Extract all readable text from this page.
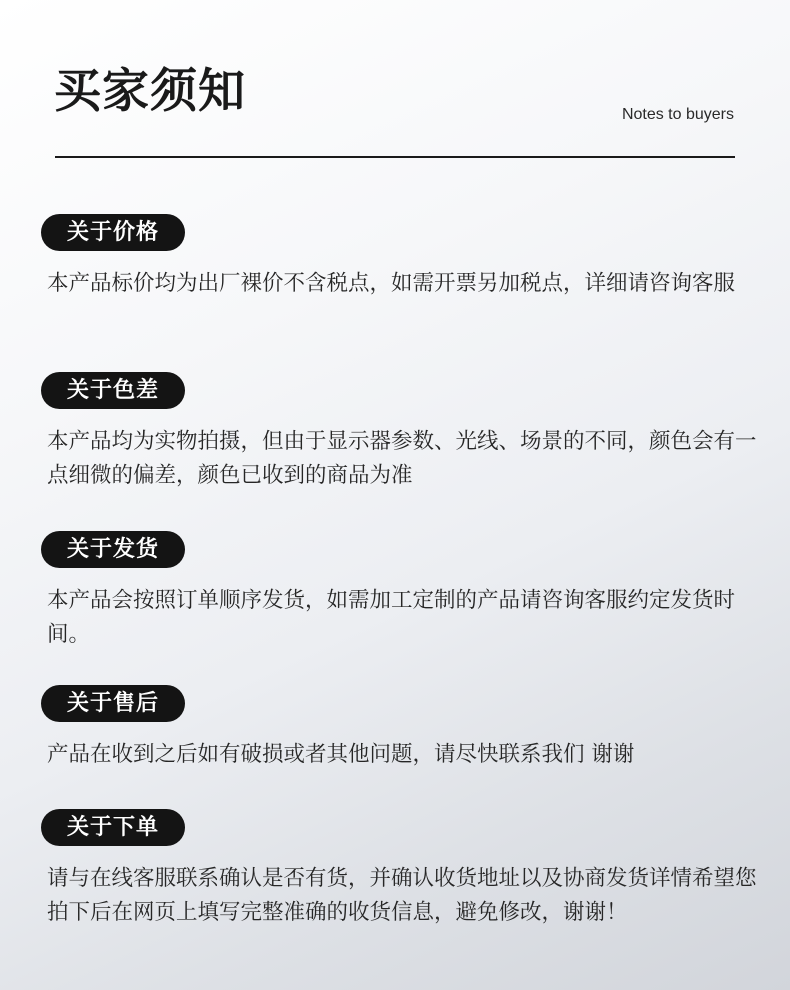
买家须知	Notes to buyers
关于价格
本产品标价均为出厂裸价不含税点，如需开票另加税点，详细请咨询客服
关于色差
本产品均为实物拍摄，但由于显示器参数、光线、场景的不同，颜色会有一点细微的偏差，颜色已收到的商品为准
关于发货
本产品会按照订单顺序发货，如需加工定制的产品请咨询客服约定发货时间。
关于售后
产品在收到之后如有破损或者其他问题，请尽快联系我们 谢谢
关于下单
请与在线客服联系确认是否有货，并确认收货地址以及协商发货详情希望您拍下后在网页上填写完整准确的收货信息，避免修改，谢谢！
